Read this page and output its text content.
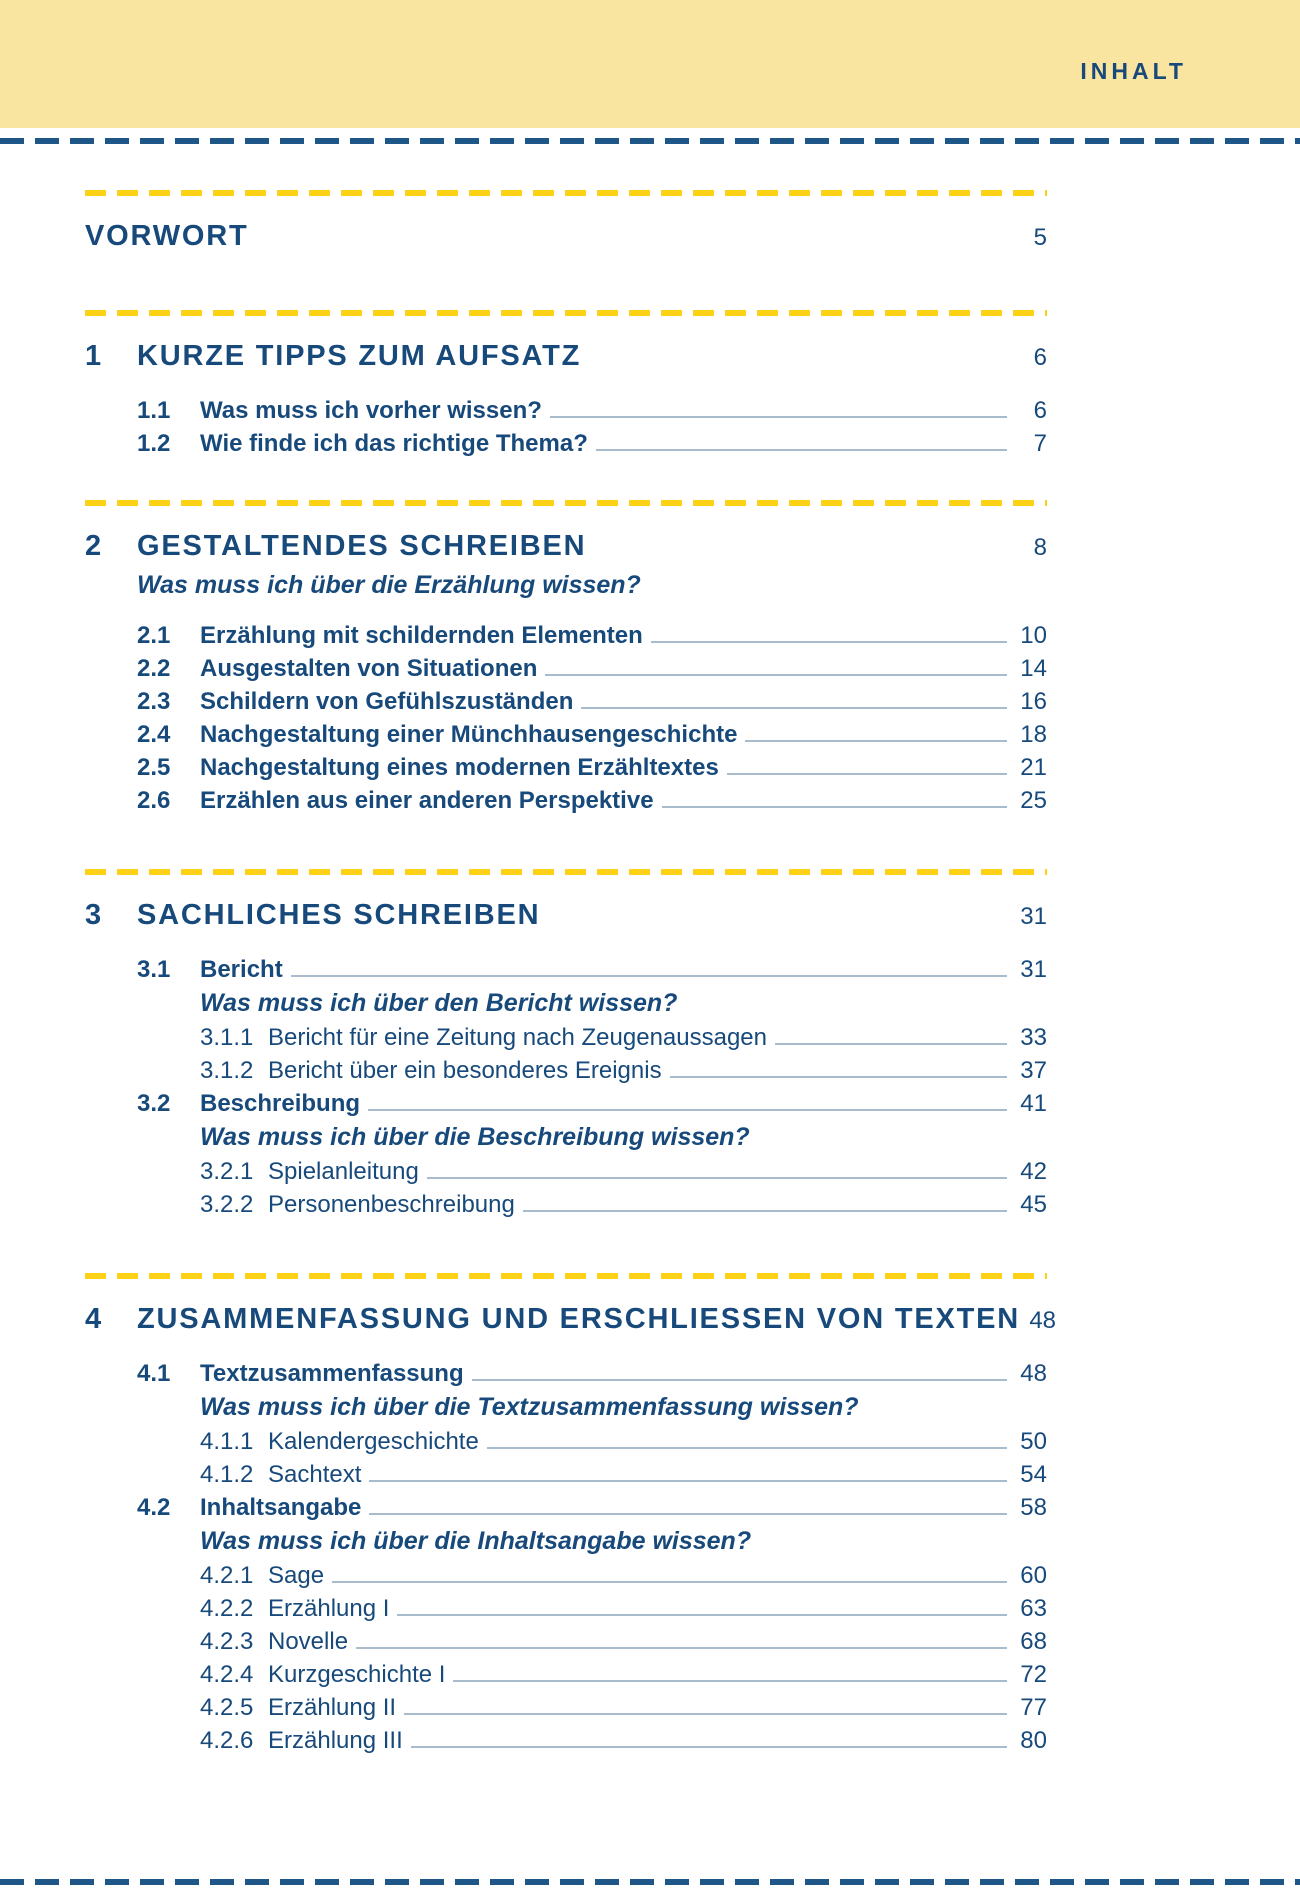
INHALT
VORWORT	5
1	KURZE TIPPS ZUM AUFSATZ	6
1.1	Was muss ich vorher wissen?	6
1.2	Wie finde ich das richtige Thema?	7
2	GESTALTENDES SCHREIBEN	8
Was muss ich über die Erzählung wissen?
2.1	Erzählung mit schildernden Elementen	10
2.2	Ausgestalten von Situationen	14
2.3	Schildern von Gefühlszuständen	16
2.4	Nachgestaltung einer Münchhausengeschichte	18
2.5	Nachgestaltung eines modernen Erzähltextes	21
2.6	Erzählen aus einer anderen Perspektive	25
3	SACHLICHES SCHREIBEN	31
3.1	Bericht	31
Was muss ich über den Bericht wissen?
3.1.1 Bericht für eine Zeitung nach Zeugenaussagen	33
3.1.2 Bericht über ein besonderes Ereignis	37
3.2	Beschreibung	41
Was muss ich über die Beschreibung wissen?
3.2.1 Spielanleitung	42
3.2.2 Personenbeschreibung	45
4	ZUSAMMENFASSUNG UND ERSCHLIESSEN VON TEXTEN 48
4.1	Textzusammenfassung	48
Was muss ich über die Textzusammenfassung wissen?
4.1.1 Kalendergeschichte	50
4.1.2 Sachtext	54
4.2	Inhaltsangabe	58
Was muss ich über die Inhaltsangabe wissen?
4.2.1 Sage	60
4.2.2 Erzählung I	63
4.2.3 Novelle	68
4.2.4 Kurzgeschichte I	72
4.2.5 Erzählung II	77
4.2.6 Erzählung III	80
